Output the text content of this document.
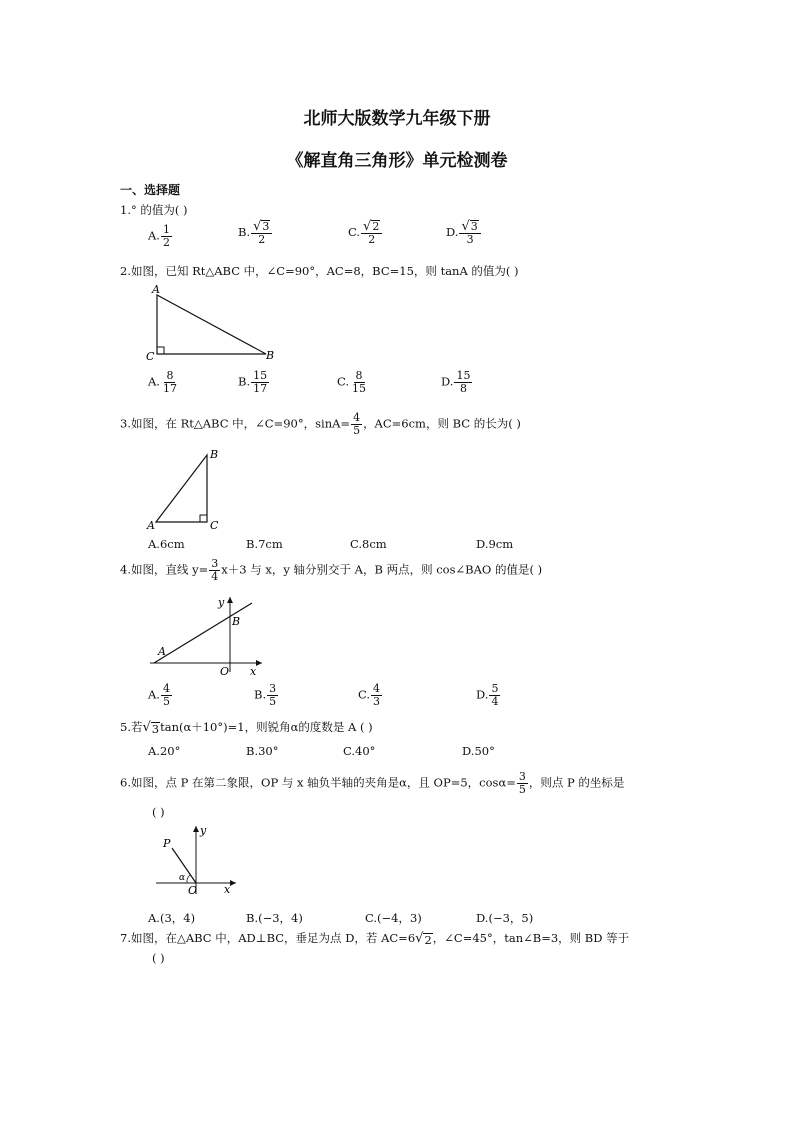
北师大版数学九年级下册
《解直角三角形》单元检测卷
一、选择题
1.° 的值为( )
A. $\frac{1}{2}$	B. $\frac{√ 3}{2}$	C. $\frac{√ 2}{2}$	D. $\frac{√ 3}{3}$
2.如图，已知 Rt△ABC 中，∠C=90°，AC=8，BC=15，则 tanA 的值为( )
A
C	B
A. $\frac{8}{17}$	B. $\frac{15}{17}$	C. $\frac{8}{15}$	D. $\frac{15}{8}$
3.如图，在 Rt△ABC 中，∠C=90°，$\sin A= \frac{4}{5}$ ，AC=6cm，则 BC 的长为( )
B
A	C
A.6cm	B.7cm	C.8cm	D.9cm
4.如图，直线 $y= \frac{3}{4} x+3$ 与 x，y 轴分别交于 A，B 两点，则 cos∠BAO 的值是( )
A
B
O x
y
A. $\frac{4}{5}$	B. $\frac{3}{5}$	C. $\frac{4}{3}$	D. $\frac{5}{4}$
5.若 √ 3 tan(α＋10°)=1，则锐角α的度数是 A ( )
A.20°	B.30°	C.40°	D.50°
6.如图，点 P 在第二象限，OP 与 x 轴负半轴的夹角是α，且 OP=5，$\cos\alpha= \frac{3}{5}$ ，则点 P 的坐标是
( )
P
O x
y
α
A.(3，4)	B.(−3，4)	C.(−4，3)	D.(−3，5)
7.如图，在△ABC 中，AD⊥BC，垂足为点 D，若 AC=6 √ 2 ，∠C=45°，tan∠B=3，则 BD 等于
( )
